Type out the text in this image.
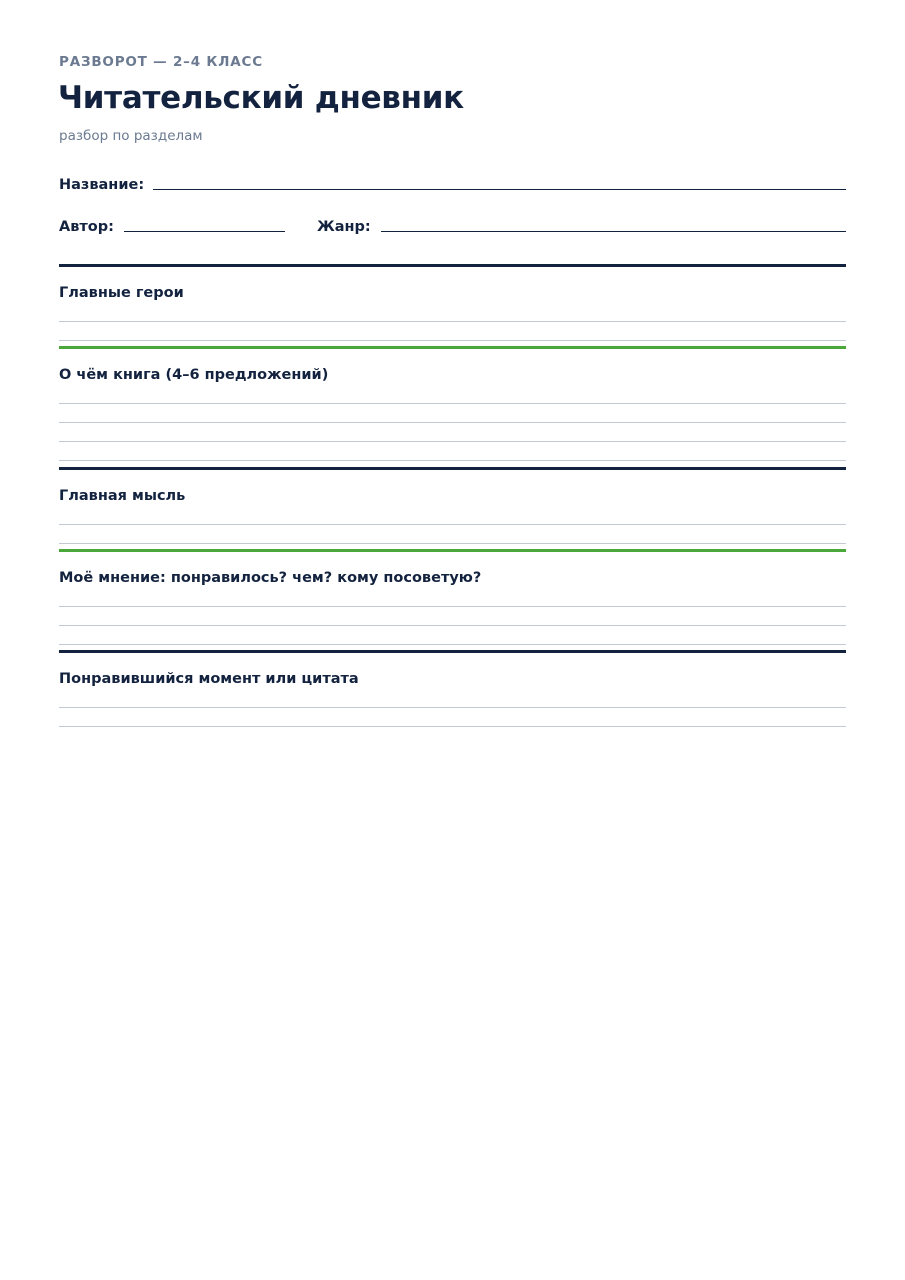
РАЗВОРОТ — 2–4 КЛАСС
Читательский дневник
разбор по разделам
Название:
Автор:	Жанр:
Главные герои
О чём книга (4–6 предложений)
Главная мысль
Моё мнение: понравилось? чем? кому посоветую?
Понравившийся момент или цитата
